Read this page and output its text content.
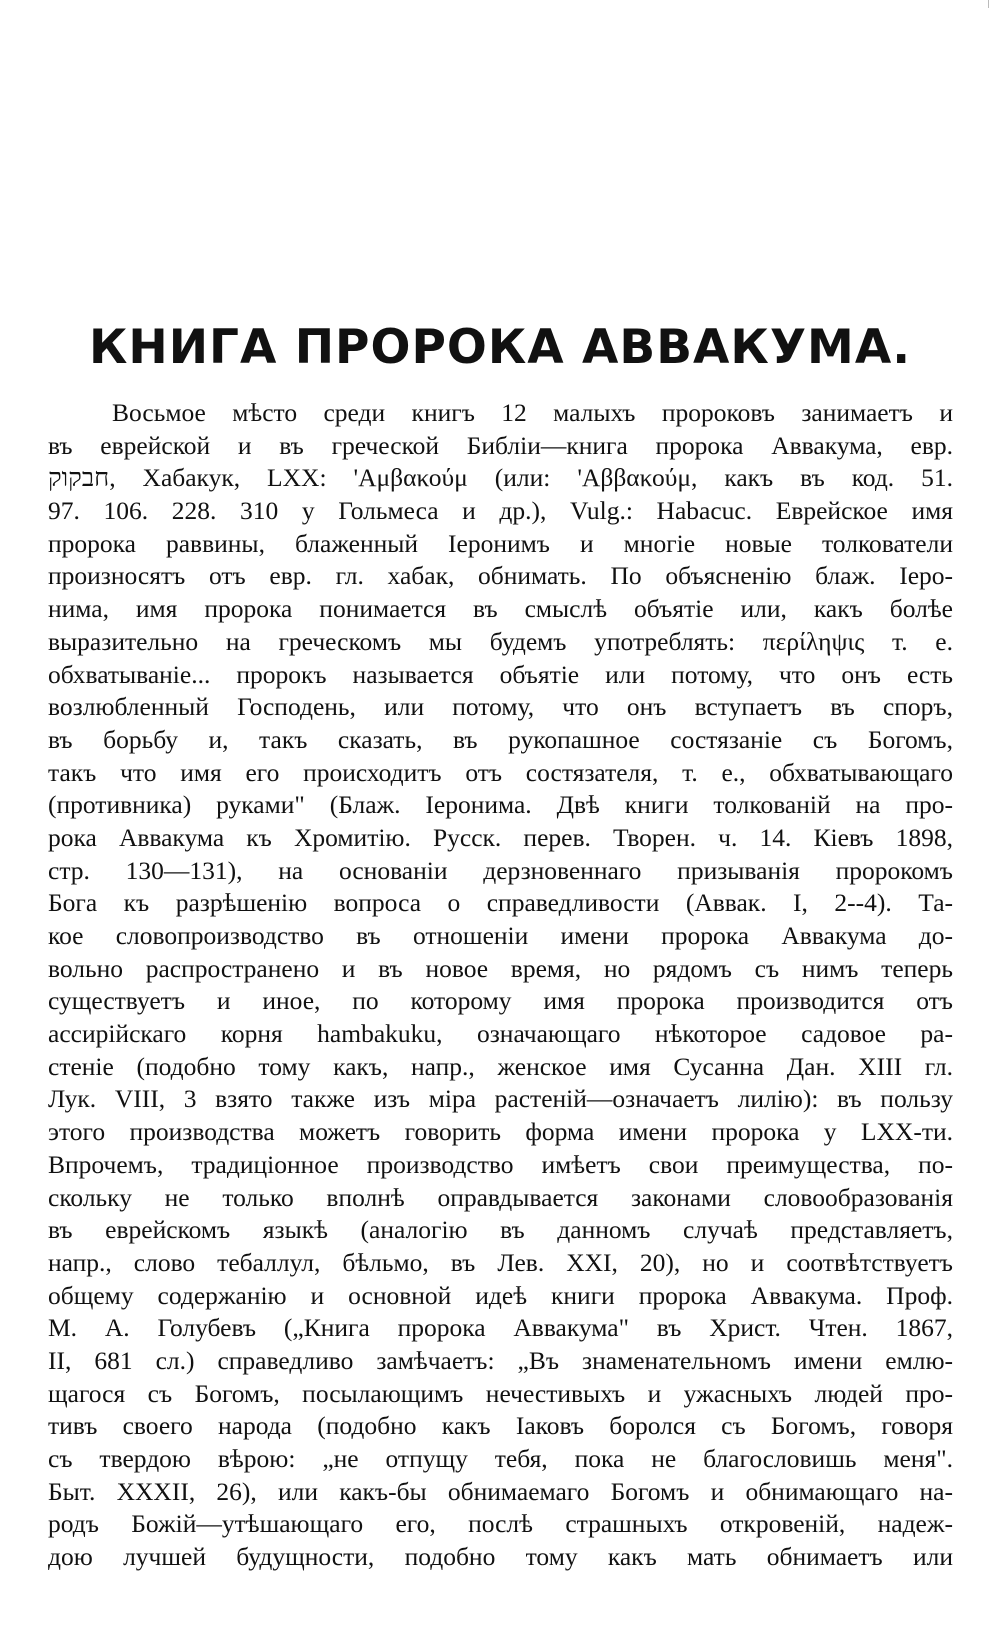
КНИГА ПРОРОКА АВВАКУМА.
Восьмое мѣсто среди книгъ 12 малыхъ пророковъ занимаетъ и
въ еврейской и въ греческой Библіи—книга пророка Аввакума, евр.
חבקוק, Хабакук, LXX: 'Αμβακούμ (или: 'Αββακούμ, какъ въ код. 51.
97. 106. 228. 310 у Гольмеса и др.), Vulg.: Habacuc. Еврейское имя
пророка раввины, блаженный Іеронимъ и многіе новые толкователи
произносятъ отъ евр. гл. хабак, обнимать. По объясненію блаж. Іеро-
нима, имя пророка понимается въ смыслѣ объятіе или, какъ болѣе
выразительно на греческомъ мы будемъ употреблять: περίληψις т. е.
обхватываніе... пророкъ называется объятіе или потому, что онъ есть
возлюбленный Господень, или потому, что онъ вступаетъ въ споръ,
въ борьбу и, такъ сказать, въ рукопашное состязаніе съ Богомъ,
такъ что имя его происходитъ отъ состязателя, т. е., обхватывающаго
(противника) руками" (Блаж. Іеронима. Двѣ книги толкованій на про-
рока Аввакума къ Хромитію. Русск. перев. Творен. ч. 14. Кіевъ 1898,
стр. 130—131), на основаніи дерзновеннаго призыванія пророкомъ
Бога къ разрѣшенію вопроса о справедливости (Аввак. I, 2--4). Та-
кое словопроизводство въ отношеніи имени пророка Аввакума до-
вольно распространено и въ новое время, но рядомъ съ нимъ теперь
существуетъ и иное, по которому имя пророка производится отъ
ассирійскаго корня hambakuku, означающаго нѣкоторое садовое ра-
стеніе (подобно тому какъ, напр., женское имя Сусанна Дан. XIII гл.
Лук. VIII, 3 взято также изъ міра растеній—означаетъ лилію): въ пользу
этого производства можетъ говорить форма имени пророка у LXX-ти.
Впрочемъ, традиціонное производство имѣетъ свои преимущества, по-
скольку не только вполнѣ оправдывается законами словообразованія
въ еврейскомъ языкѣ (аналогію въ данномъ случаѣ представляетъ,
напр., слово тебаллул, бѣльмо, въ Лев. XXI, 20), но и соотвѣтствуетъ
общему содержанію и основной идеѣ книги пророка Аввакума. Проф.
М. А. Голубевъ („Книга пророка Аввакума" въ Христ. Чтен. 1867,
II, 681 сл.) справедливо замѣчаетъ: „Въ знаменательномъ имени емлю-
щагося съ Богомъ, посылающимъ нечестивыхъ и ужасныхъ людей про-
тивъ своего народа (подобно какъ Іаковъ боролся съ Богомъ, говоря
съ твердою вѣрою: „не отпущу тебя, пока не благословишь меня".
Быт. XXXII, 26), или какъ-бы обнимаемаго Богомъ и обнимающаго на-
родъ Божій—утѣшающаго его, послѣ страшныхъ откровеній, надеж-
дою лучшей будущности, подобно тому какъ мать обнимаетъ или
